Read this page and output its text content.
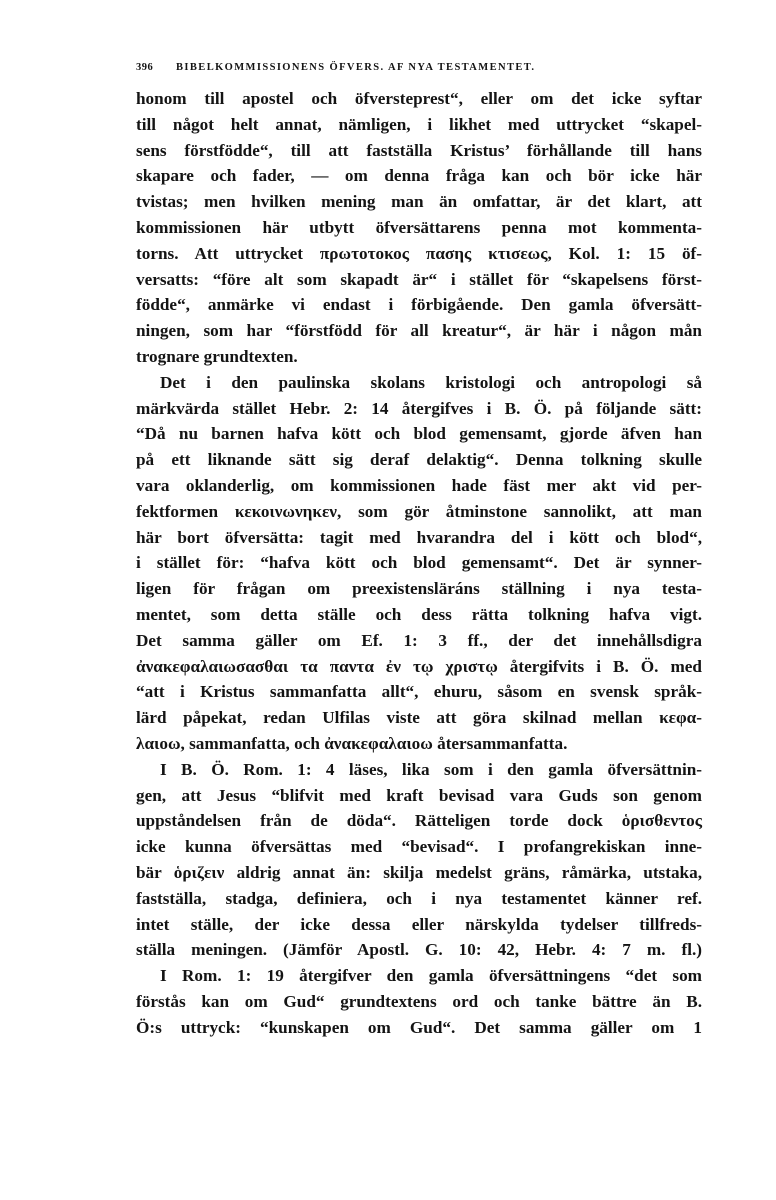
396	BIBELKOMMISSIONENS ÖFVERS. AF NYA TESTAMENTET.
honom till apostel och öfversteprest“, eller om det icke syftar
till något helt annat, nämligen, i likhet med uttrycket “skapel-
sens förstfödde“, till att fastställa Kristus’ förhållande till hans
skapare och fader, — om denna fråga kan och bör icke här
tvistas; men hvilken mening man än omfattar, är det klart, att
kommissionen här utbytt öfversättarens penna mot kommenta-
torns. Att uttrycket πρωτοτοκος πασης κτισεως, Kol. 1: 15 öf-
versatts: “före alt som skapadt är“ i stället för “skapelsens först-
födde“, anmärke vi endast i förbigående. Den gamla öfversätt-
ningen, som har “förstfödd för all kreatur“, är här i någon mån
trognare grundtexten.
Det i den paulinska skolans kristologi och antropologi så
märkvärda stället Hebr. 2: 14 återgifves i B. Ö. på följande sätt:
“Då nu barnen hafva kött och blod gemensamt, gjorde äfven han
på ett liknande sätt sig deraf delaktig“. Denna tolkning skulle
vara oklanderlig, om kommissionen hade fäst mer akt vid per-
fektformen κεκοινωνηκεν, som gör åtminstone sannolikt, att man
här bort öfversätta: tagit med hvarandra del i kött och blod“,
i stället för: “hafva kött och blod gemensamt“. Det är synner-
ligen för frågan om preexistensläráns ställning i nya testa-
mentet, som detta ställe och dess rätta tolkning hafva vigt.
Det samma gäller om Ef. 1: 3 ff., der det innehållsdigra
ἀνακεφαλαιωσασθαι τα παντα ἐν τῳ χριστῳ återgifvits i B. Ö. med
“att i Kristus sammanfatta allt“, ehuru, såsom en svensk språk-
lärd påpekat, redan Ulfilas viste att göra skilnad mellan κεφα-
λαιοω, sammanfatta, och ἀνακεφαλαιοω återsammanfatta.
I B. Ö. Rom. 1: 4 läses, lika som i den gamla öfversättnin-
gen, att Jesus “blifvit med kraft bevisad vara Guds son genom
uppståndelsen från de döda“. Rätteligen torde dock ὁρισθεντος
icke kunna öfversättas med “bevisad“. I profangrekiskan inne-
bär ὁριζειν aldrig annat än: skilja medelst gräns, råmärka, utstaka,
fastställa, stadga, definiera, och i nya testamentet känner ref.
intet ställe, der icke dessa eller närskylda tydelser tillfreds-
ställa meningen. (Jämför Apostl. G. 10: 42, Hebr. 4: 7 m. fl.)
I Rom. 1: 19 återgifver den gamla öfversättningens “det som
förstås kan om Gud“ grundtextens ord och tanke bättre än B.
Ö:s uttryck: “kunskapen om Gud“. Det samma gäller om 1
